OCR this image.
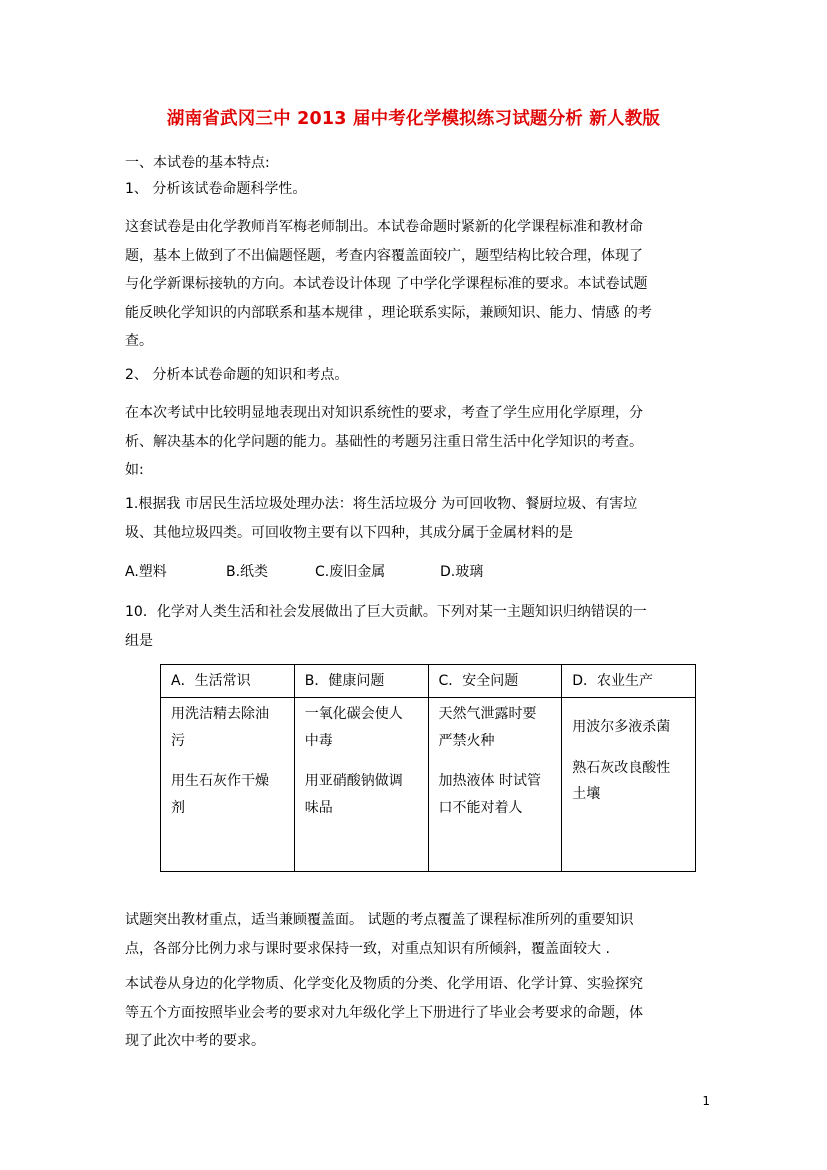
湖南省武冈三中 2013 届中考化学模拟练习试题分析 新人教版
一、本试卷的基本特点:
1、 分析该试卷命题科学性。
这套试卷是由化学教师肖军梅老师制出。本试卷命题时紧新的化学课程标准和教材命
题，基本上做到了不出偏题怪题，考查内容覆盖面较广，题型结构比较合理，体现了
与化学新课标接轨的方向。本试卷设计体现 了中学化学课程标准的要求。本试卷试题
能反映化学知识的内部联系和基本规律 ，理论联系实际，兼顾知识、能力、情感 的考
查。
2、 分析本试卷命题的知识和考点。
在本次考试中比较明显地表现出对知识系统性的要求，考查了学生应用化学原理，分
析、解决基本的化学问题的能力。基础性的考题另注重日常生活中化学知识的考查。
如:
1.根据我 市居民生活垃圾处理办法：将生活垃圾分 为可回收物、餐厨垃圾、有害垃
圾、其他垃圾四类。可回收物主要有以下四种，其成分属于金属材料的是
A.塑料	B.纸类	C.废旧金属	D.玻璃
10．化学对人类生活和社会发展做出了巨大贡献。下列对某一主题知识归纳错误的一
组是
A．生活常识	B．健康问题	C．安全问题	D．农业生产

用洗洁精去除油
污
用生石灰作干燥
剂	一氧化碳会使人
中毒
用亚硝酸钠做调
味品	天然气泄露时要
严禁火种
加热液体 时试管
口不能对着人	用波尔多液杀菌
熟石灰改良酸性
土壤
试题突出教材重点，适当兼顾覆盖面。 试题的考点覆盖了课程标准所列的重要知识
点，各部分比例力求与课时要求保持一致，对重点知识有所倾斜，覆盖面较大 .
本试卷从身边的化学物质、化学变化及物质的分类、化学用语、化学计算、实验探究
等五个方面按照毕业会考的要求对九年级化学上下册进行了毕业会考要求的命题，体
现了此次中考的要求。
1
